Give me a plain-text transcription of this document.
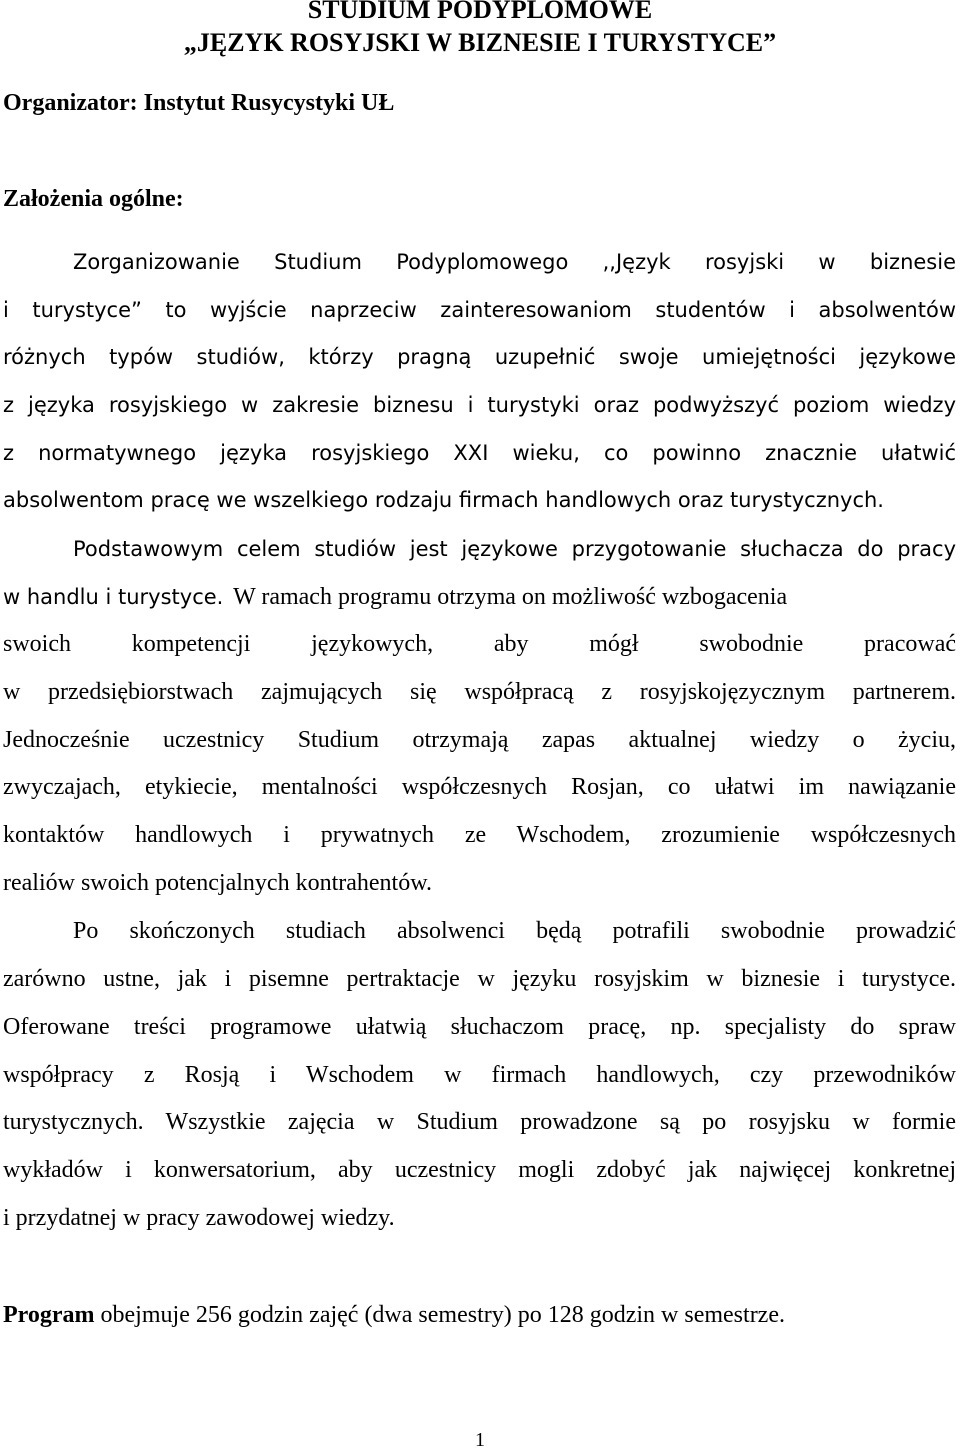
STUDIUM PODYPLOMOWE
„JĘZYK ROSYJSKI W BIZNESIE I TURYSTYCE”

Organizator: Instytut Rusycystyki UŁ

Założenia ogólne:

Zorganizowanie Studium Podyplomowego ,,Język rosyjski w biznesie
i turystyce” to wyjście naprzeciw zainteresowaniom studentów i absolwentów
różnych typów studiów, którzy pragną uzupełnić swoje umiejętności językowe
z języka rosyjskiego w zakresie biznesu i turystyki oraz podwyższyć poziom wiedzy
z normatywnego języka rosyjskiego XXI wieku, co powinno znacznie ułatwić
absolwentom pracę we wszelkiego rodzaju firmach handlowych oraz turystycznych.
Podstawowym celem studiów jest językowe przygotowanie słuchacza do pracy
w handlu i turystyce. W ramach programu otrzyma on możliwość wzbogacenia
swoich kompetencji językowych, aby mógł swobodnie pracować
w przedsiębiorstwach zajmujących się współpracą z rosyjskojęzycznym partnerem.
Jednocześnie uczestnicy Studium otrzymają zapas aktualnej wiedzy o życiu,
zwyczajach, etykiecie, mentalności współczesnych Rosjan, co ułatwi im nawiązanie
kontaktów handlowych i prywatnych ze Wschodem, zrozumienie współczesnych
realiów swoich potencjalnych kontrahentów.
Po skończonych studiach absolwenci będą potrafili swobodnie prowadzić
zarówno ustne, jak i pisemne pertraktacje w języku rosyjskim w biznesie i turystyce.
Oferowane treści programowe ułatwią słuchaczom pracę, np. specjalisty do spraw
współpracy z Rosją i Wschodem w firmach handlowych, czy przewodników
turystycznych. Wszystkie zajęcia w Studium prowadzone są po rosyjsku w formie
wykładów i konwersatorium, aby uczestnicy mogli zdobyć jak najwięcej konkretnej
i przydatnej w pracy zawodowej wiedzy.
Program obejmuje 256 godzin zajęć (dwa semestry) po 128 godzin w semestrze.
1
